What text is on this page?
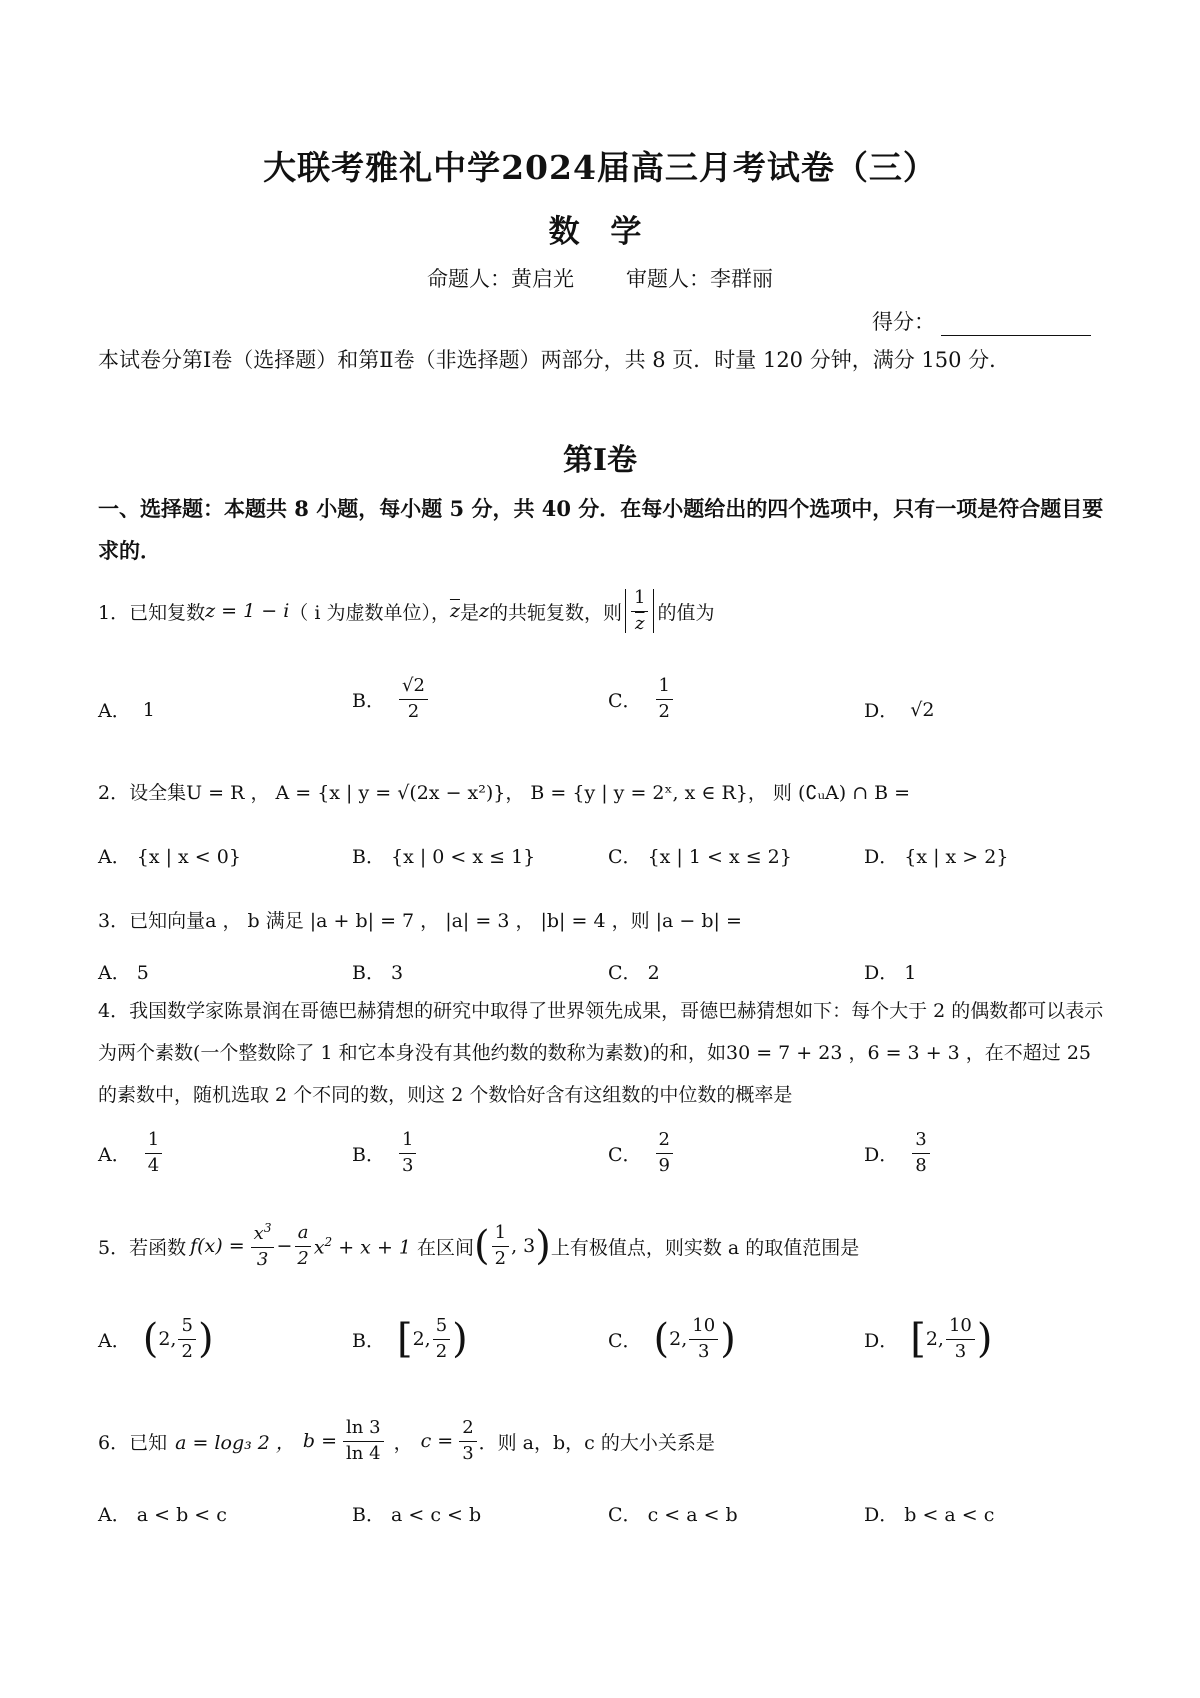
大联考雅礼中学2024届高三月考试卷（三）
数 学
命题人：黄启光 审题人：李群丽
得分：
本试卷分第Ⅰ卷（选择题）和第Ⅱ卷（非选择题）两部分，共 8 页．时量 120 分钟，满分 150 分．
第Ⅰ卷
一、选择题：本题共 8 小题，每小题 5 分，共 40 分．在每小题给出的四个选项中，只有一项是符合题目要求的．
1． 已知复数 z = 1 − i （ i 为虚数单位）， $\overline{z}$ 是 z 的共轭复数，则 $\frac{1}{z}$ 的值为
A． 1	B． $\frac{√2}{2}$	C． $\frac{1}{2}$	D． √2
2．设全集U = R ， A = {x | y = √(2x − x²)}， B = {y | y = 2ˣ, x ∈ R}， 则 (∁ᵤA) ∩ B =
A． {x | x < 0}	B． {x | 0 < x ≤ 1}	C． {x | 1 < x ≤ 2}	D． {x | x > 2}
3．已知向量a ， b 满足 |a + b| = 7 ， |a| = 3 ， |b| = 4 ，则 |a − b| =
A． 5	B． 3	C． 2	D． 1
4．我国数学家陈景润在哥德巴赫猜想的研究中取得了世界领先成果，哥德巴赫猜想如下：每个大于 2 的偶数都可以表示为两个素数(一个整数除了 1 和它本身没有其他约数的数称为素数)的和，如30 = 7 + 23 ，6 = 3 + 3 ，在不超过 25 的素数中，随机选取 2 个不同的数，则这 2 个数恰好含有这组数的中位数的概率是
A． $\frac{1}{4}$	B． $\frac{1}{3}$	C． $\frac{2}{9}$	D． $\frac{3}{8}$
5． 若函数 $f(x) = \frac{x^3}{3} - \frac{a}{2} x^2 + x + 1$ 在区间 ( $\frac{1}{2}$ , 3 ) 上有极值点，则实数 a 的取值范围是
A． ( 2, $\frac{5}{2}$ )	B． [ 2, $\frac{5}{2}$ )	C． ( 2, $\frac{10}{3}$ )	D． [ 2, $\frac{10}{3}$ )
6． 已知 a = log₃ 2 ， $b = \frac{\ln 3}{\ln 4}$ ， $c = \frac{2}{3}$ ．则 a，b，c 的大小关系是
A． a < b < c	B． a < c < b	C． c < a < b	D． b < a < c
